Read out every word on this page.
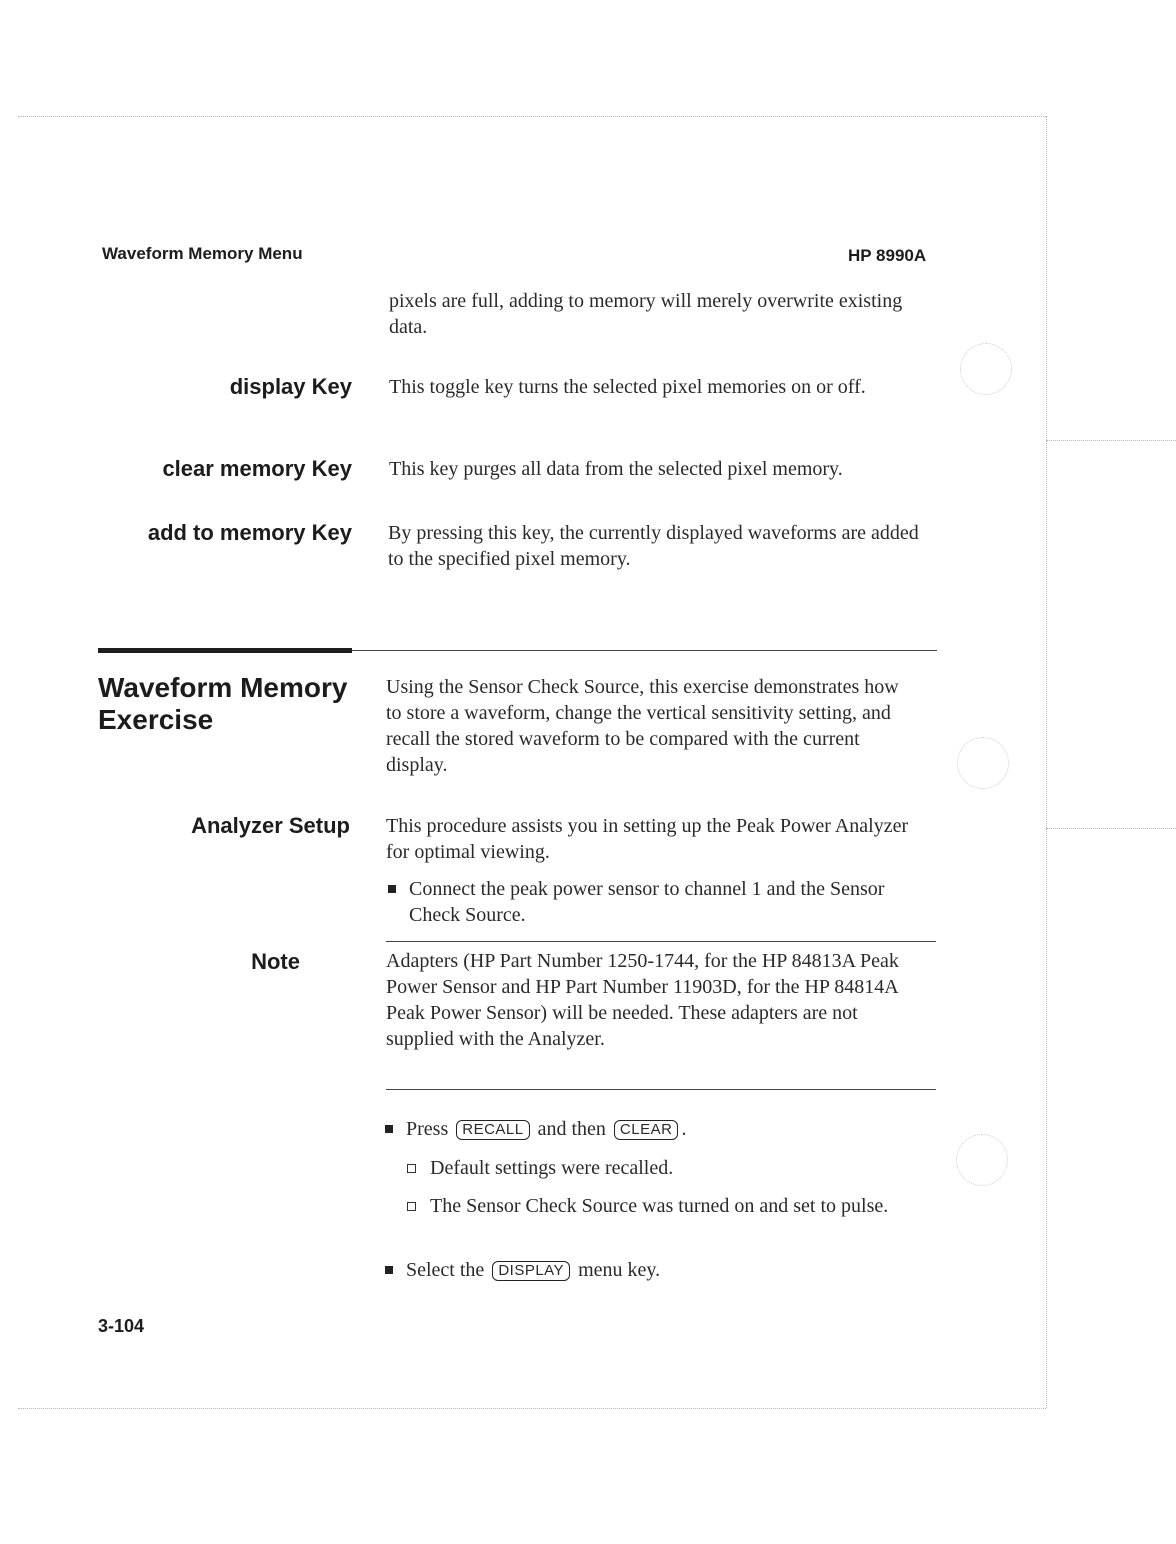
Waveform Memory Menu	HP 8990A
pixels are full, adding to memory will merely overwrite existing data.
display Key This toggle key turns the selected pixel memories on or off.
clear memory Key This key purges all data from the selected pixel memory.
add to memory Key By pressing this key, the currently displayed waveforms are added to the specified pixel memory.
Waveform Memory
Exercise
Using the Sensor Check Source, this exercise demonstrates how to store a waveform, change the vertical sensitivity setting, and recall the stored waveform to be compared with the current display.
Analyzer Setup This procedure assists you in setting up the Peak Power Analyzer for optimal viewing.
Connect the peak power sensor to channel 1 and the Sensor Check Source.
Note	Adapters (HP Part Number 1250-1744, for the HP 84813A Peak Power Sensor and HP Part Number 11903D, for the HP 84814A Peak Power Sensor) will be needed. These adapters are not supplied with the Analyzer.
Press RECALL and then CLEAR .
Default settings were recalled.
The Sensor Check Source was turned on and set to pulse.
Select the DISPLAY menu key.
3-104
